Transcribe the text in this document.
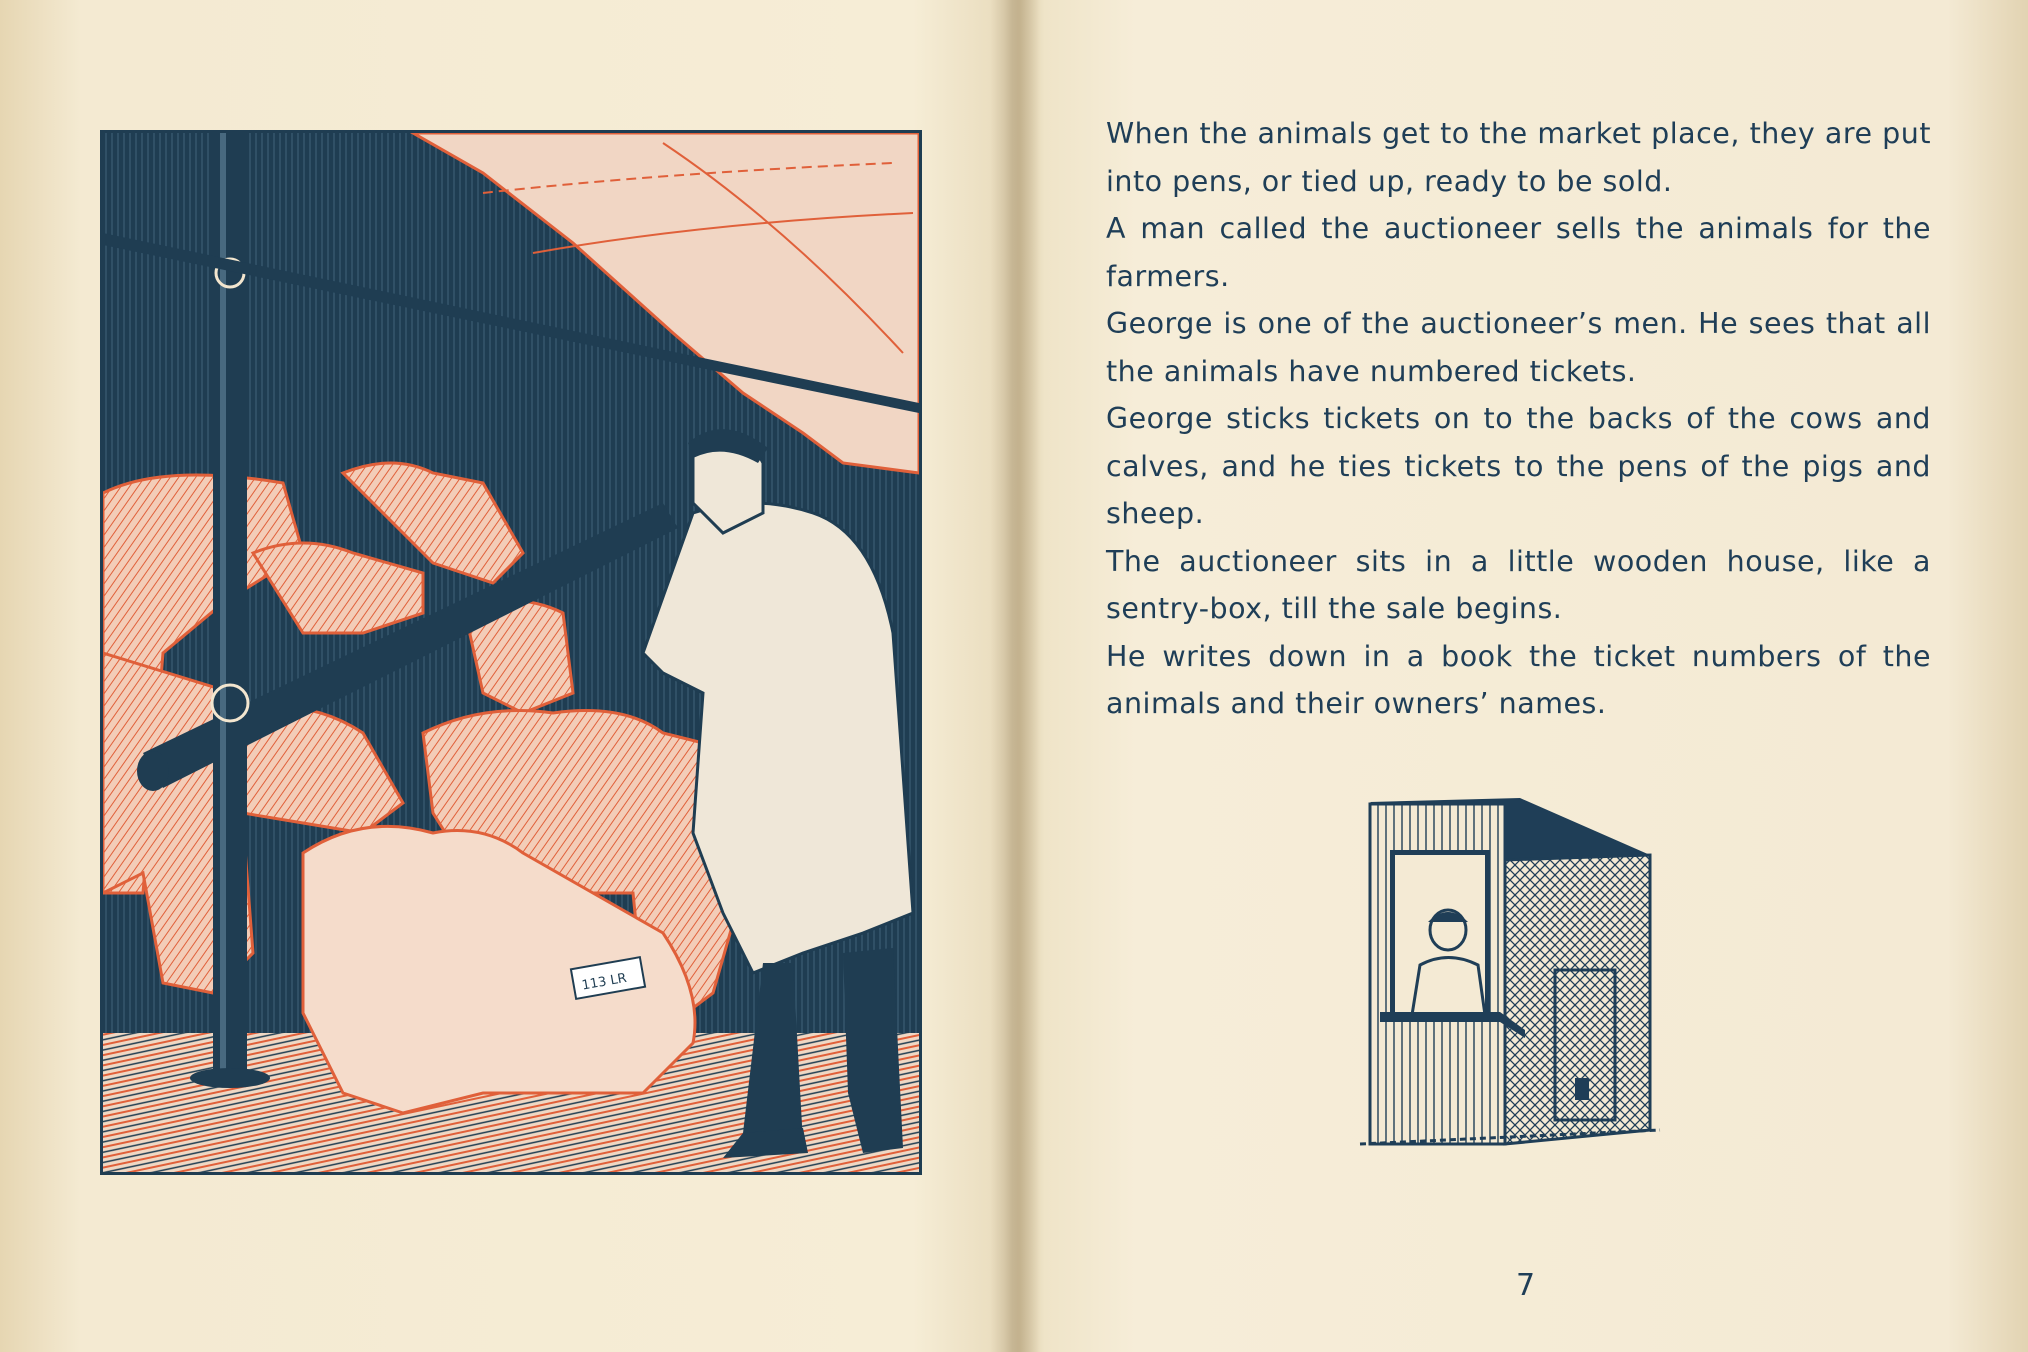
113 LR

When the animals get to the market place, they are put into pens, or tied up, ready to be sold.

A man called the auctioneer sells the animals for the farmers.

George is one of the auctioneer’s men. He sees that all the animals have numbered tickets.

George sticks tickets on to the backs of the cows and calves, and he ties tickets to the pens of the pigs and sheep.

The auctioneer sits in a little wooden house, like a sentry-box, till the sale begins.

He writes down in a book the ticket numbers of the animals and their owners’ names.

7
